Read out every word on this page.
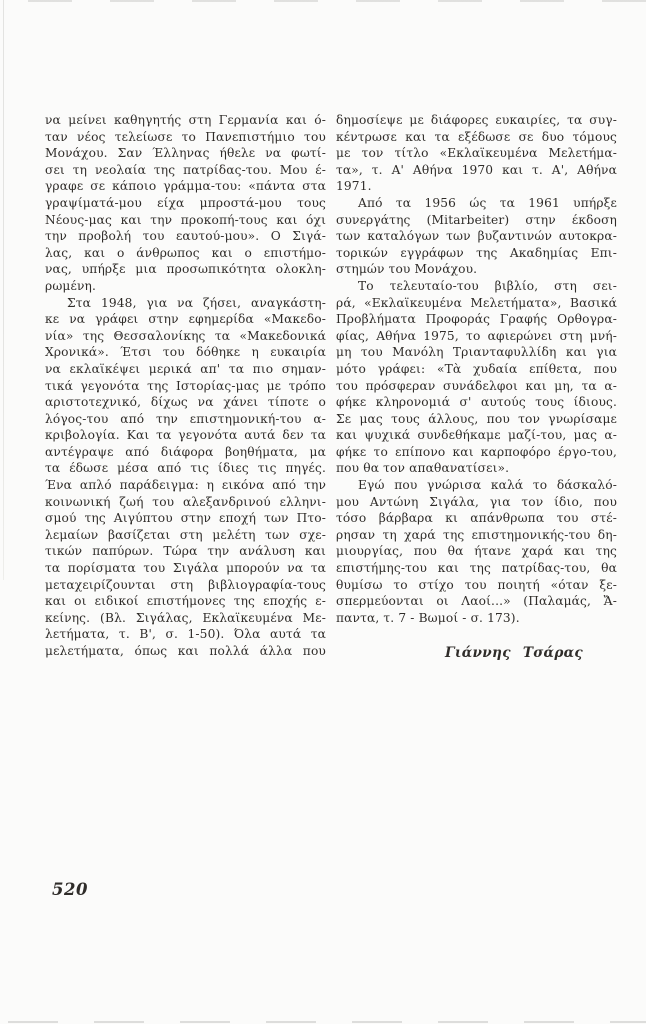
να μείνει καθηγητής στη Γερμανία και ό-
ταν νέος τελείωσε το Πανεπιστήμιο του
Μονάχου. Σαν Έλληνας ήθελε να φωτί-
σει τη νεολαία της πατρίδας-του. Μου έ-
γραφε σε κάποιο γράμμα-του: «πάντα στα
γραψίματά-μου είχα μπροστά-μου τους
Νέους-μας και την προκοπή-τους και όχι
την προβολή του εαυτού-μου». Ο Σιγά-
λας, και ο άνθρωπος και ο επιστήμο-
νας, υπήρξε μια προσωπικότητα ολοκλη-
ρωμένη.
Στα 1948, για να ζήσει, αναγκάστη-
κε να γράφει στην εφημερίδα «Μακεδο-
νία» της Θεσσαλονίκης τα «Μακεδονικά
Χρονικά». Έτσι του δόθηκε η ευκαιρία
να εκλαϊκέψει μερικά απ' τα πιο σημαν-
τικά γεγονότα της Ιστορίας-μας με τρόπο
αριστοτεχνικό, δίχως να χάνει τίποτε ο
λόγος-του από την επιστημονική-του α-
κριβολογία. Και τα γεγονότα αυτά δεν τα
αντέγραψε από διάφορα βοηθήματα, μα
τα έδωσε μέσα από τις ίδιες τις πηγές.
Ένα απλό παράδειγμα: η εικόνα από την
κοινωνική ζωή του αλεξανδρινού ελληνι-
σμού της Αιγύπτου στην εποχή των Πτο-
λεμαίων βασίζεται στη μελέτη των σχε-
τικών παπύρων. Τώρα την ανάλυση και
τα πορίσματα του Σιγάλα μπορούν να τα
μεταχειρίζουνται στη βιβλιογραφία-τους
και οι ειδικοί επιστήμονες της εποχής ε-
κείνης. (Βλ. Σιγάλας, Εκλαϊκευμένα Με-
λετήματα, τ. Β', σ. 1-50). Όλα αυτά τα
μελετήματα, όπως και πολλά άλλα που
δημοσίεψε με διάφορες ευκαιρίες, τα συγ-
κέντρωσε και τα εξέδωσε σε δυο τόμους
με τον τίτλο «Εκλαϊκευμένα Μελετήμα-
τα», τ. Α' Αθήνα 1970 και τ. Α', Αθήνα
1971.
Από τα 1956 ώς τα 1961 υπήρξε
συνεργάτης (Mitarbeiter) στην έκδοση
των καταλόγων των βυζαντινών αυτοκρα-
τορικών εγγράφων της Ακαδημίας Επι-
στημών του Μονάχου.
Το τελευταίο-του βιβλίο, στη σει-
ρά, «Εκλαϊκευμένα Μελετήματα», Βασικά
Προβλήματα Προφοράς Γραφής Ορθογρα-
φίας, Αθήνα 1975, το αφιερώνει στη μνή-
μη του Μανόλη Τριανταφυλλίδη και για
μότο γράφει: «Τὰ χυδαία επίθετα, που
του πρόσφεραν συνάδελφοι και μη, τα α-
φήκε κληρονομιά σ' αυτούς τους ίδιους.
Σε μας τους άλλους, που τον γνωρίσαμε
και ψυχικά συνδεθήκαμε μαζί-του, μας α-
φήκε το επίπονο και καρποφόρο έργο-του,
που θα τον απαθανατίσει».
Εγώ που γνώρισα καλά το δάσκαλό-
μου Αντώνη Σιγάλα, για τον ίδιο, που
τόσο βάρβαρα κι απάνθρωπα του στέ-
ρησαν τη χαρά της επιστημονικής-του δη-
μιουργίας, που θα ήτανε χαρά και της
επιστήμης-του και της πατρίδας-του, θα
θυμίσω το στίχο του ποιητή «όταν ξε-
σπερμεύονται οι Λαοί...» (Παλαμάς, Ἄ-
παντα, τ. 7 - Βωμοί - σ. 173).
Γιάννης Τσάρας
520
